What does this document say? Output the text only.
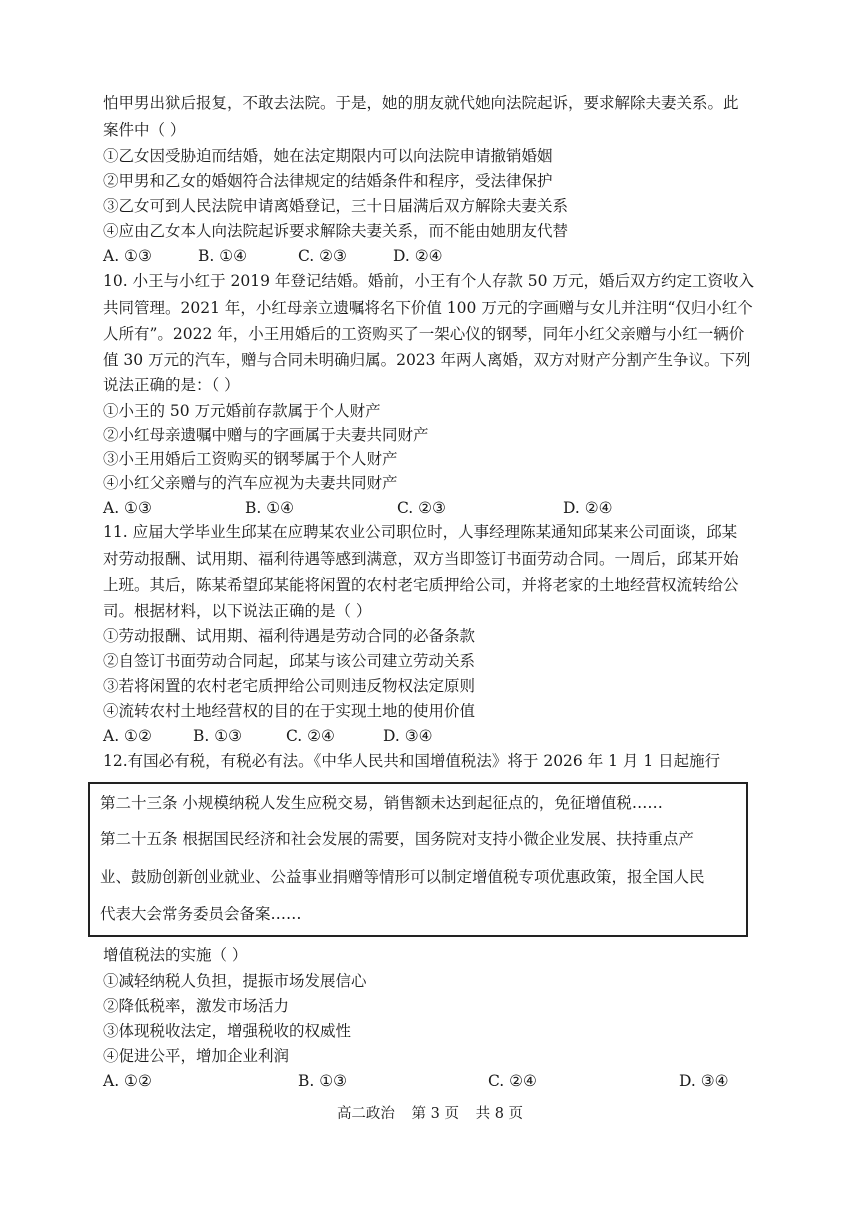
怕甲男出狱后报复，不敢去法院。于是，她的朋友就代她向法院起诉，要求解除夫妻关系。此
案件中（ ）
①乙女因受胁迫而结婚，她在法定期限内可以向法院申请撤销婚姻
②甲男和乙女的婚姻符合法律规定的结婚条件和程序，受法律保护
③乙女可到人民法院申请离婚登记，三十日届满后双方解除夫妻关系
④应由乙女本人向法院起诉要求解除夫妻关系，而不能由她朋友代替
A. ①③	B. ①④	C. ②③	D. ②④
10. 小王与小红于 2019 年登记结婚。婚前，小王有个人存款 50 万元，婚后双方约定工资收入
共同管理。2021 年，小红母亲立遗嘱将名下价值 100 万元的字画赠与女儿并注明“仅归小红个
人所有”。2022 年，小王用婚后的工资购买了一架心仪的钢琴，同年小红父亲赠与小红一辆价
值 30 万元的汽车，赠与合同未明确归属。2023 年两人离婚，双方对财产分割产生争议。下列
说法正确的是：（ ）
①小王的 50 万元婚前存款属于个人财产
②小红母亲遗嘱中赠与的字画属于夫妻共同财产
③小王用婚后工资购买的钢琴属于个人财产
④小红父亲赠与的汽车应视为夫妻共同财产
A. ①③	B. ①④	C. ②③	D. ②④
11. 应届大学毕业生邱某在应聘某农业公司职位时，人事经理陈某通知邱某来公司面谈，邱某
对劳动报酬、试用期、福利待遇等感到满意，双方当即签订书面劳动合同。一周后，邱某开始
上班。其后，陈某希望邱某能将闲置的农村老宅质押给公司，并将老家的土地经营权流转给公
司。根据材料，以下说法正确的是（ ）
①劳动报酬、试用期、福利待遇是劳动合同的必备条款
②自签订书面劳动合同起，邱某与该公司建立劳动关系
③若将闲置的农村老宅质押给公司则违反物权法定原则
④流转农村土地经营权的目的在于实现土地的使用价值
A. ①②	B. ①③	C. ②④	D. ③④
12.有国必有税，有税必有法。《中华人民共和国增值税法》将于 2026 年 1 月 1 日起施行
第二十三条 小规模纳税人发生应税交易，销售额未达到起征点的，免征增值税……
第二十五条 根据国民经济和社会发展的需要，国务院对支持小微企业发展、扶持重点产
业、鼓励创新创业就业、公益事业捐赠等情形可以制定增值税专项优惠政策，报全国人民
代表大会常务委员会备案……
增值税法的实施（ ）
①减轻纳税人负担，提振市场发展信心
②降低税率，激发市场活力
③体现税收法定，增强税收的权威性
④促进公平，增加企业利润
A. ①②	B. ①③	C. ②④	D. ③④
高二政治 第 3 页 共 8 页
